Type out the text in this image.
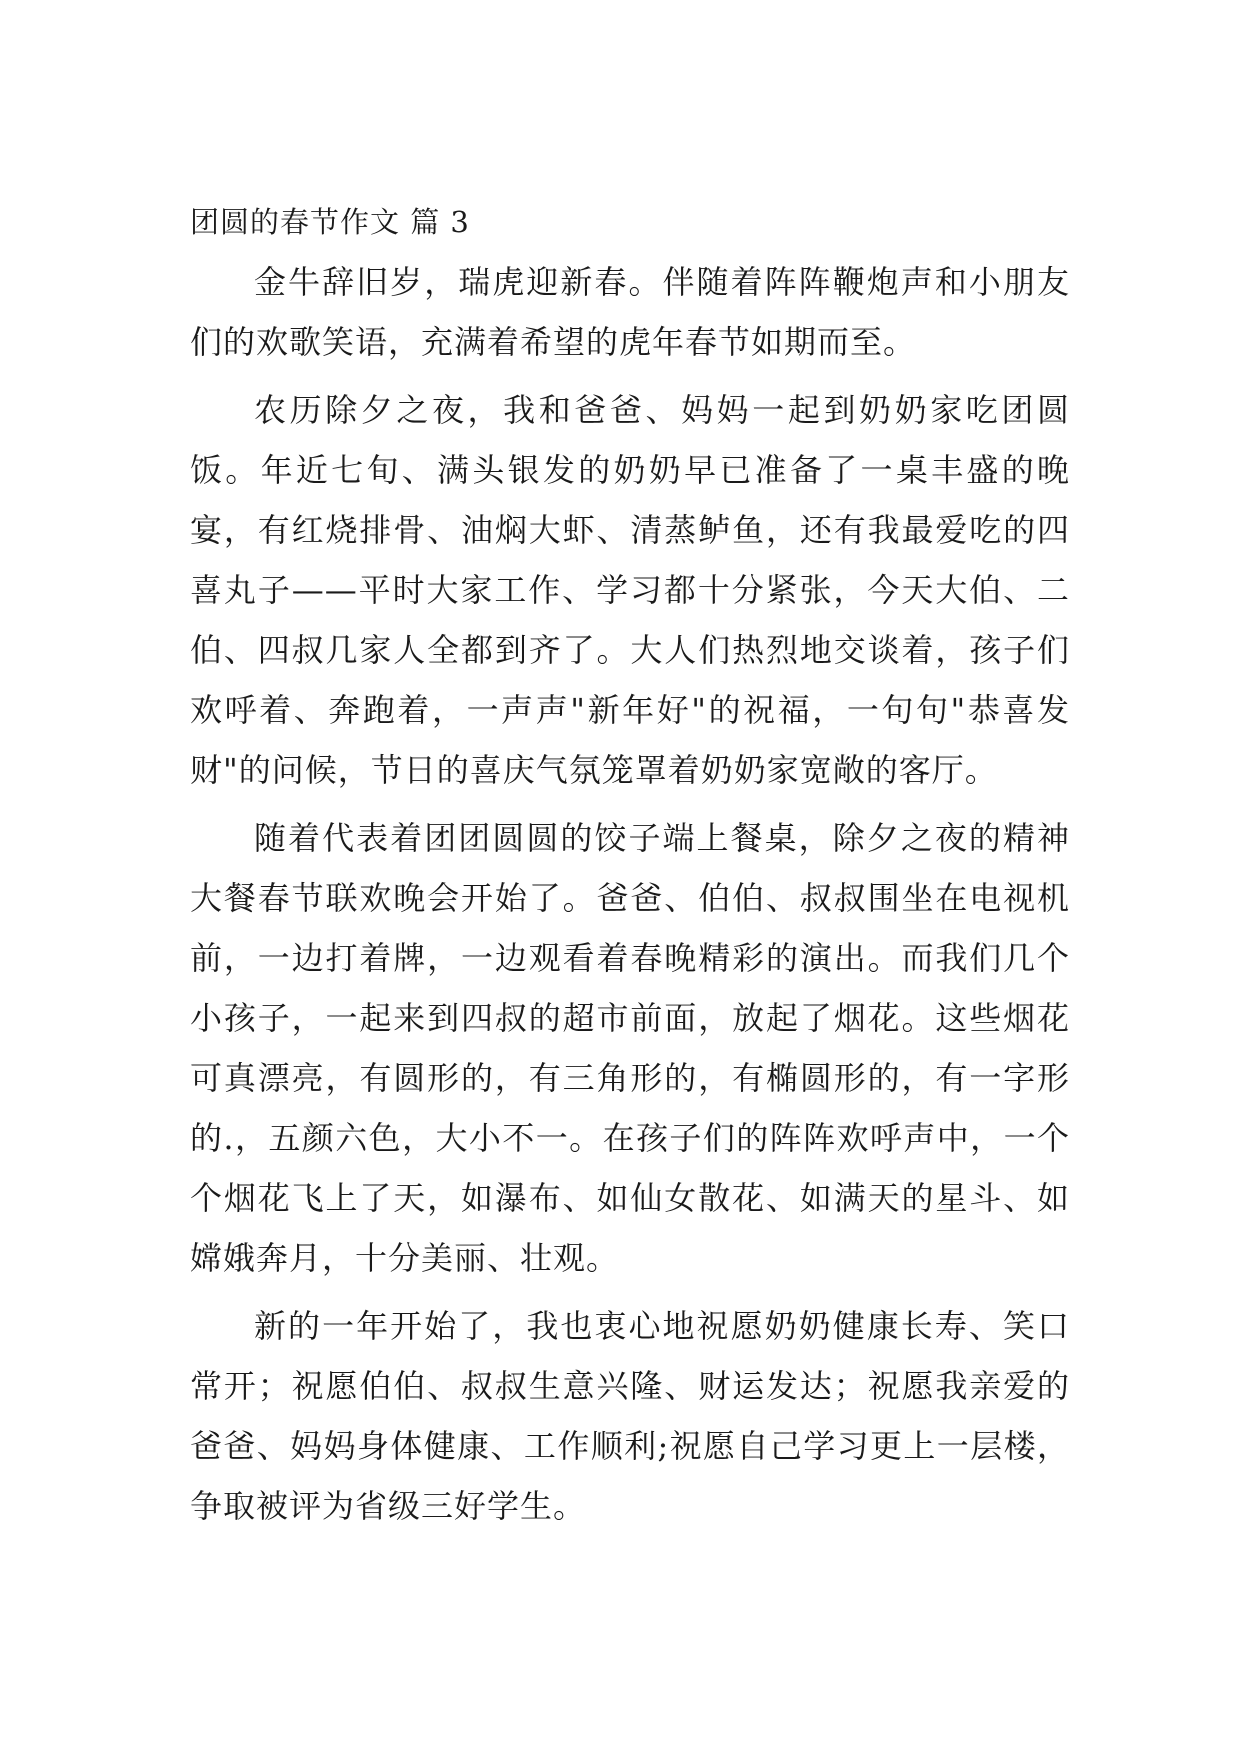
团圆的春节作文 篇 3

金牛辞旧岁，瑞虎迎新春。伴随着阵阵鞭炮声和小朋友们的欢歌笑语，充满着希望的虎年春节如期而至。

农历除夕之夜，我和爸爸、妈妈一起到奶奶家吃团圆饭。年近七旬、满头银发的奶奶早已准备了一桌丰盛的晚宴，有红烧排骨、油焖大虾、清蒸鲈鱼，还有我最爱吃的四喜丸子——平时大家工作、学习都十分紧张，今天大伯、二伯、四叔几家人全都到齐了。大人们热烈地交谈着，孩子们欢呼着、奔跑着，一声声"新年好"的祝福，一句句"恭喜发财"的问候，节日的喜庆气氛笼罩着奶奶家宽敞的客厅。

随着代表着团团圆圆的饺子端上餐桌，除夕之夜的精神大餐春节联欢晚会开始了。爸爸、伯伯、叔叔围坐在电视机前，一边打着牌，一边观看着春晚精彩的演出。而我们几个小孩子，一起来到四叔的超市前面，放起了烟花。这些烟花可真漂亮，有圆形的，有三角形的，有椭圆形的，有一字形的.，五颜六色，大小不一。在孩子们的阵阵欢呼声中，一个个烟花飞上了天，如瀑布、如仙女散花、如满天的星斗、如嫦娥奔月，十分美丽、壮观。

新的一年开始了，我也衷心地祝愿奶奶健康长寿、笑口常开；祝愿伯伯、叔叔生意兴隆、财运发达；祝愿我亲爱的爸爸、妈妈身体健康、工作顺利;祝愿自己学习更上一层楼，争取被评为省级三好学生。
